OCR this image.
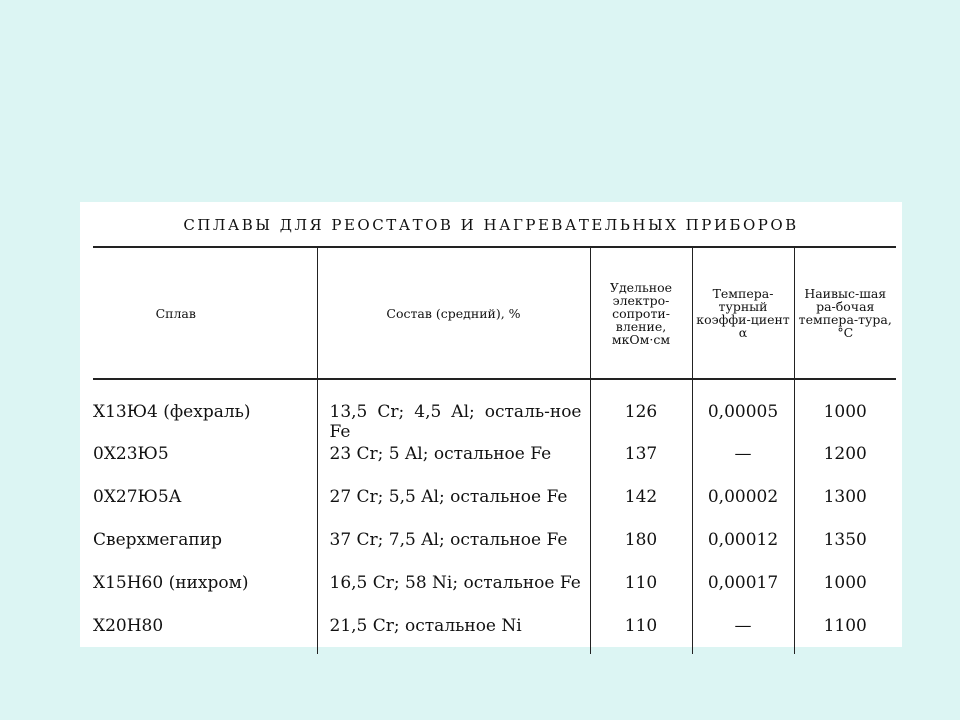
СПЛАВЫ ДЛЯ РЕОСТАТОВ И НАГРЕВАТЕЛЬНЫХ ПРИБОРОВ
Сплав	Состав (средний), %	Удельное электро-сопроти-вление, мкОм·см	Темпера-турный коэффи-циент α	Наивыс-шая ра-бочая темпера-тура, °С
Х13Ю4 (фехраль)	13,5 Cr; 4,5 Al; осталь-ное Fe	126	0,00005	1000
0Х23Ю5	23 Cr; 5 Al; остальное Fe	137	—	1200
0Х27Ю5А	27 Cr; 5,5 Al; остальное Fe	142	0,00002	1300
Сверхмегапир	37 Cr; 7,5 Al; остальное Fe	180	0,00012	1350
Х15Н60 (нихром)	16,5 Cr; 58 Ni; остальное Fe	110	0,00017	1000
Х20Н80	21,5 Cr; остальное Ni	110	—	1100
